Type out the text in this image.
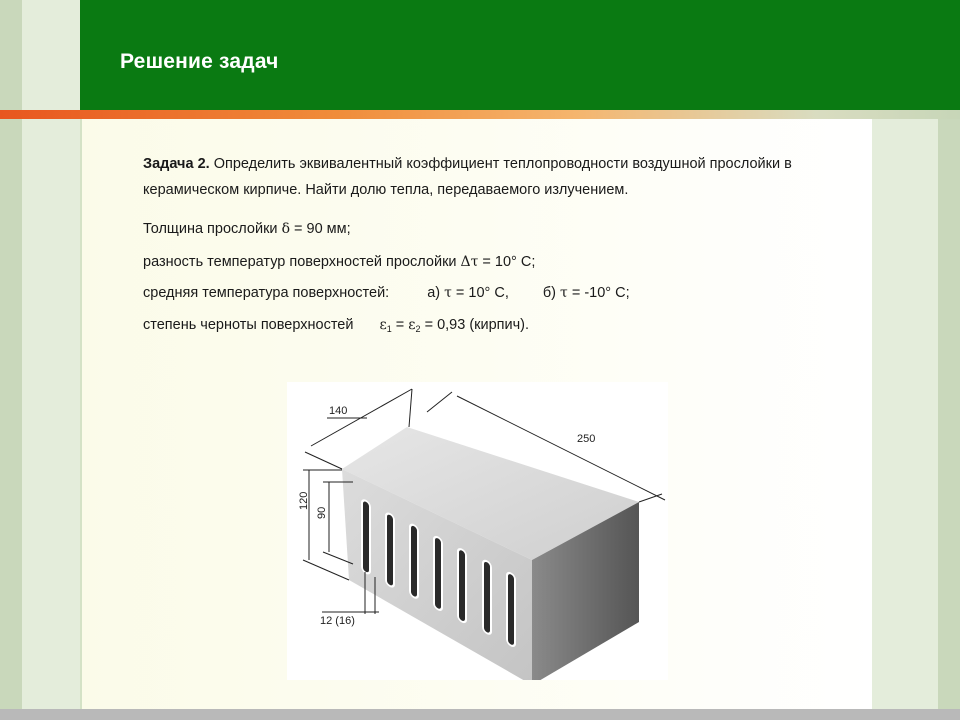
Решение задач
Задача 2. Определить эквивалентный коэффициент теплопроводности воздушной прослойки в керамическом кирпиче. Найти долю тепла, передаваемого излучением.
Толщина прослойки δ = 90 мм;
разность температур поверхностей прослойки Δτ = 10° C;
средняя температура поверхностей:	а) τ = 10° C, б) τ = -10° C;
степень черноты поверхностей $\varepsilon_1 = \varepsilon_2 = 0,93$ (кирпич).
140
250
120
90
12 (16)
